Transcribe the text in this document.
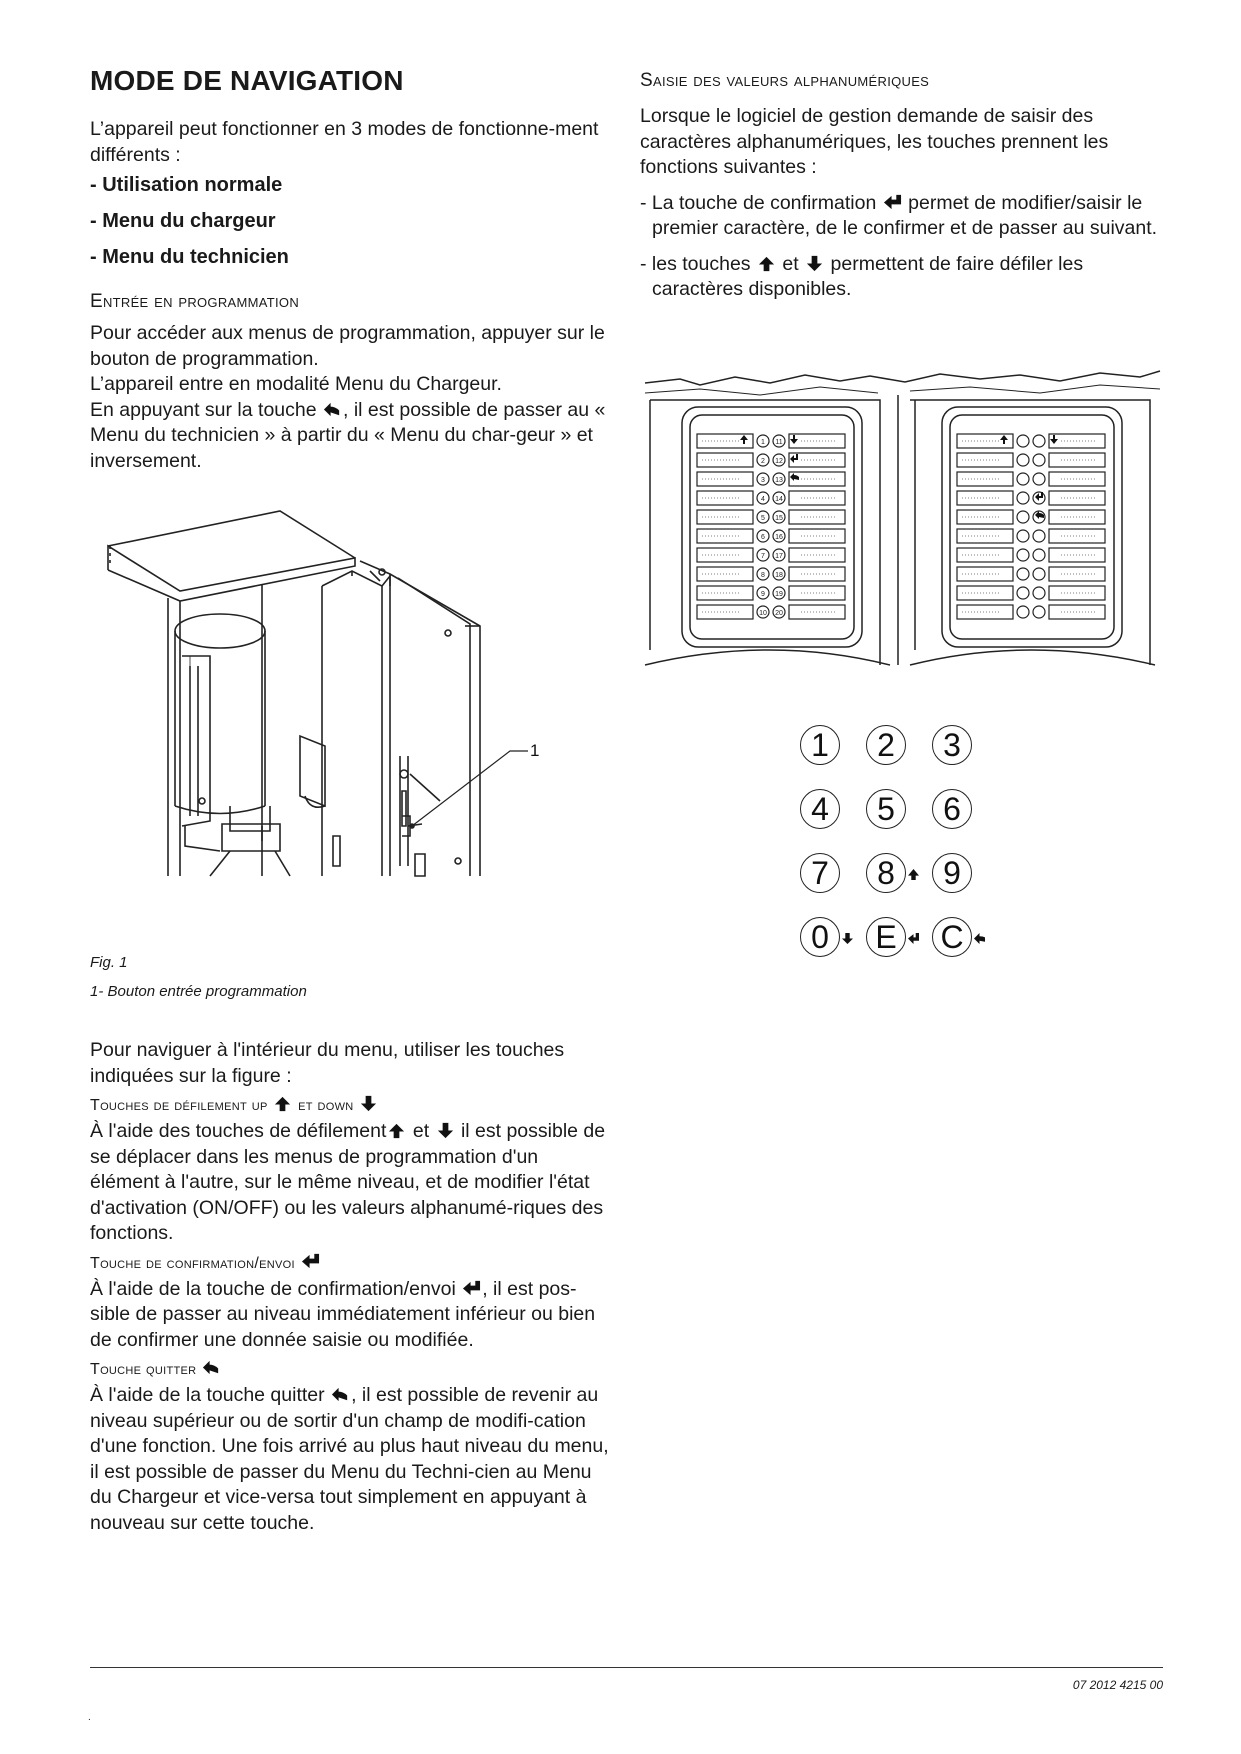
MODE DE NAVIGATION

L’appareil peut fonctionner en 3 modes de fonctionne-ment différents :

- Utilisation normale
- Menu du chargeur
- Menu du technicien
Entrée en programmation

Pour accéder aux menus de programmation, appuyer sur le bouton de programmation.

L’appareil entre en modalité Menu du Chargeur.

En appuyant sur la touche , il est possible de passer au « Menu du technicien » à partir du « Menu du char-geur » et inversement.

1
Fig. 1
1- Bouton entrée programmation

Pour naviguer à l'intérieur du menu, utiliser les touches indiquées sur la figure :

Touches de défilement up et down

À l'aide des touches de défilement et il est possible de se déplacer dans les menus de programmation d'un élément à l'autre, sur le même niveau, et de modifier l'état d'activation (ON/OFF) ou les valeurs alphanumé-riques des fonctions.

Touche de confirmation/envoi

À l'aide de la touche de confirmation/envoi , il est pos-sible de passer au niveau immédiatement inférieur ou bien de confirmer une donnée saisie ou modifiée.

Touche quitter

À l'aide de la touche quitter , il est possible de revenir au niveau supérieur ou de sortir d'un champ de modifi-cation d'une fonction. Une fois arrivé au plus haut niveau du menu, il est possible de passer du Menu du Techni-cien au Menu du Chargeur et vice-versa tout simplement en appuyant à nouveau sur cette touche.

Saisie des valeurs alphanumériques

Lorsque le logiciel de gestion demande de saisir des caractères alphanumériques, les touches prennent les fonctions suivantes :

- La touche de confirmation permet de modifier/saisir le premier caractère, de le confirmer et de passer au suivant.

- les touches et permettent de faire défiler les caractères disponibles.

1 11
2 12
3 13
4 14
5 15
6 16
7 17
8 18
9 19
10 20
1	2	3
4	5	6
7	8	9
0	E C
07 2012 4215 00
.
